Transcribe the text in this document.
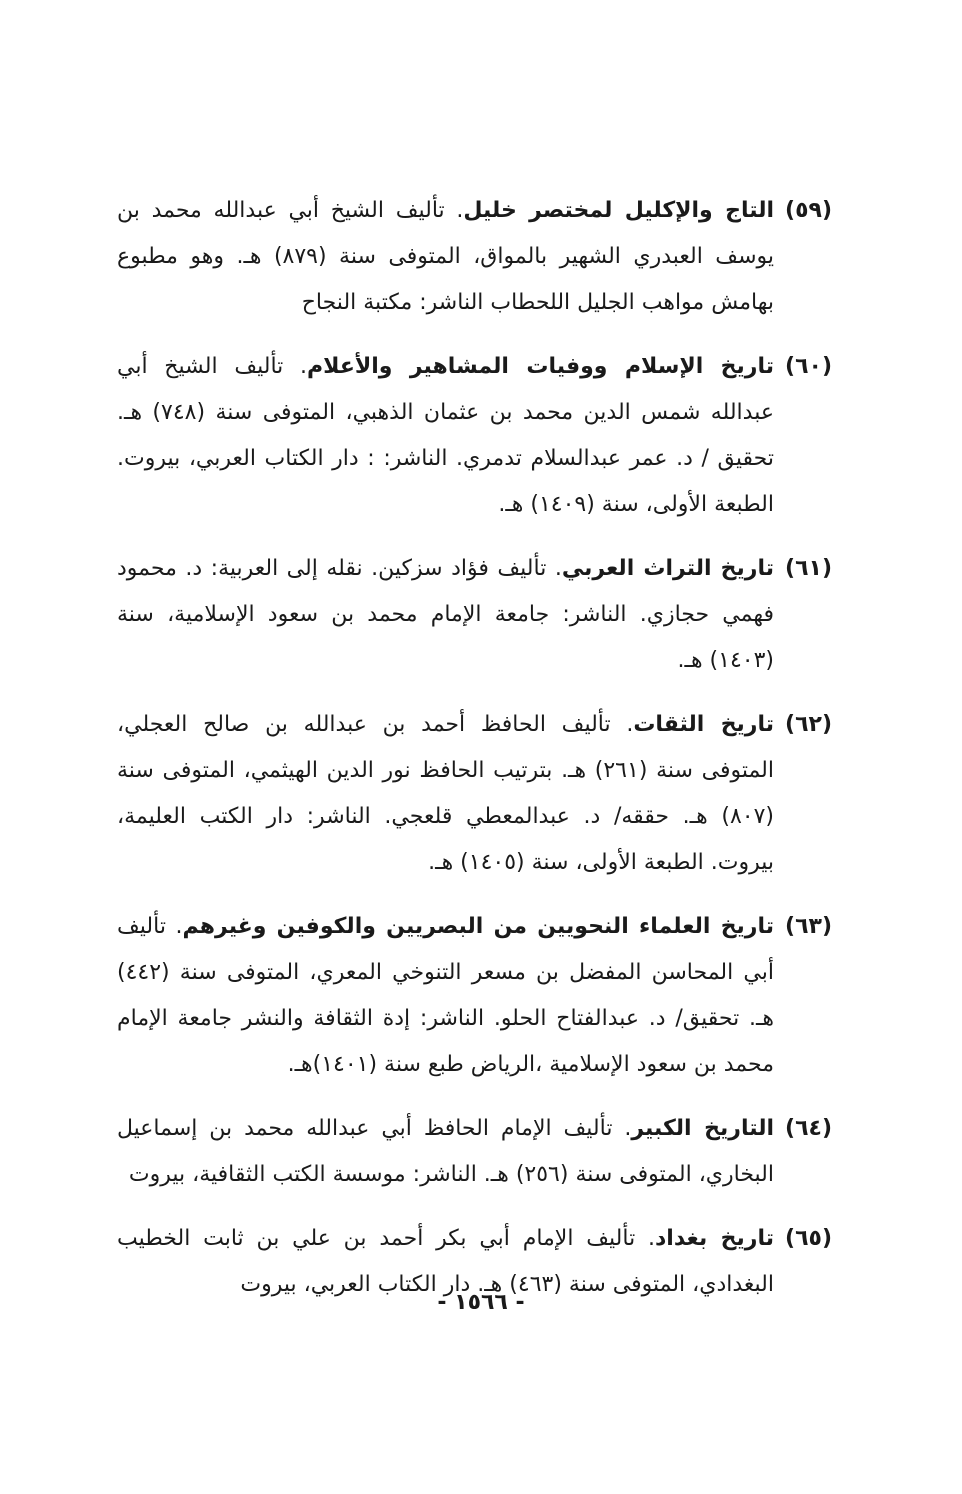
(٥٩)
التاج والإكليل لمختصر خليل. تأليف الشيخ أبي عبدالله محمد بن يوسف العبدري الشهير بالمواق، المتوفى سنة (٨٧٩) هـ. وهو مطبوع بهامش مواهب الجليل اللحطاب الناشر: مكتبة النجاح
(٦٠)
تاريخ الإسلام ووفيات المشاهير والأعلام. تأليف الشيخ أبي عبدالله شمس الدين محمد بن عثمان الذهبي، المتوفى سنة (٧٤٨) هـ. تحقيق / د. عمر عبدالسلام تدمري. الناشر: : دار الكتاب العربي، بيروت. الطبعة الأولى، سنة (١٤٠٩) هـ.
(٦١)
تاريخ التراث العربي. تأليف فؤاد سزكين. نقله إلى العربية: د. محمود فهمي حجازي. الناشر: جامعة الإمام محمد بن سعود الإسلامية، سنة (١٤٠٣) هـ.
(٦٢)
تاريخ الثقات. تأليف الحافظ أحمد بن عبدالله بن صالح العجلي، المتوفى سنة (٢٦١) هـ. بترتيب الحافظ نور الدين الهيثمي، المتوفى سنة (٨٠٧) هـ. حققه/ د. عبدالمعطي قلعجي. الناشر: دار الكتب العليمة، بيروت. الطبعة الأولى، سنة (١٤٠٥) هـ.
(٦٣)
تاريخ العلماء النحويين من البصريين والكوفين وغيرهم. تأليف أبي المحاسن المفضل بن مسعر التنوخي المعري، المتوفى سنة (٤٤٢) هـ. تحقيق/ د. عبدالفتاح الحلو. الناشر: إدة الثقافة والنشر جامعة الإمام محمد بن سعود الإسلامية ،الرياض طبع سنة (١٤٠١)هـ.
(٦٤)
التاريخ الكبير. تأليف الإمام الحافظ أبي عبدالله محمد بن إسماعيل البخاري، المتوفى سنة (٢٥٦) هـ. الناشر: موسسة الكتب الثقافية، بيروت
(٦٥)
تاريخ بغداد. تأليف الإمام أبي بكر أحمد بن علي بن ثابت الخطيب البغدادي، المتوفى سنة (٤٦٣) هـ. دار الكتاب العربي، بيروت
- ١٥٦٦ -
